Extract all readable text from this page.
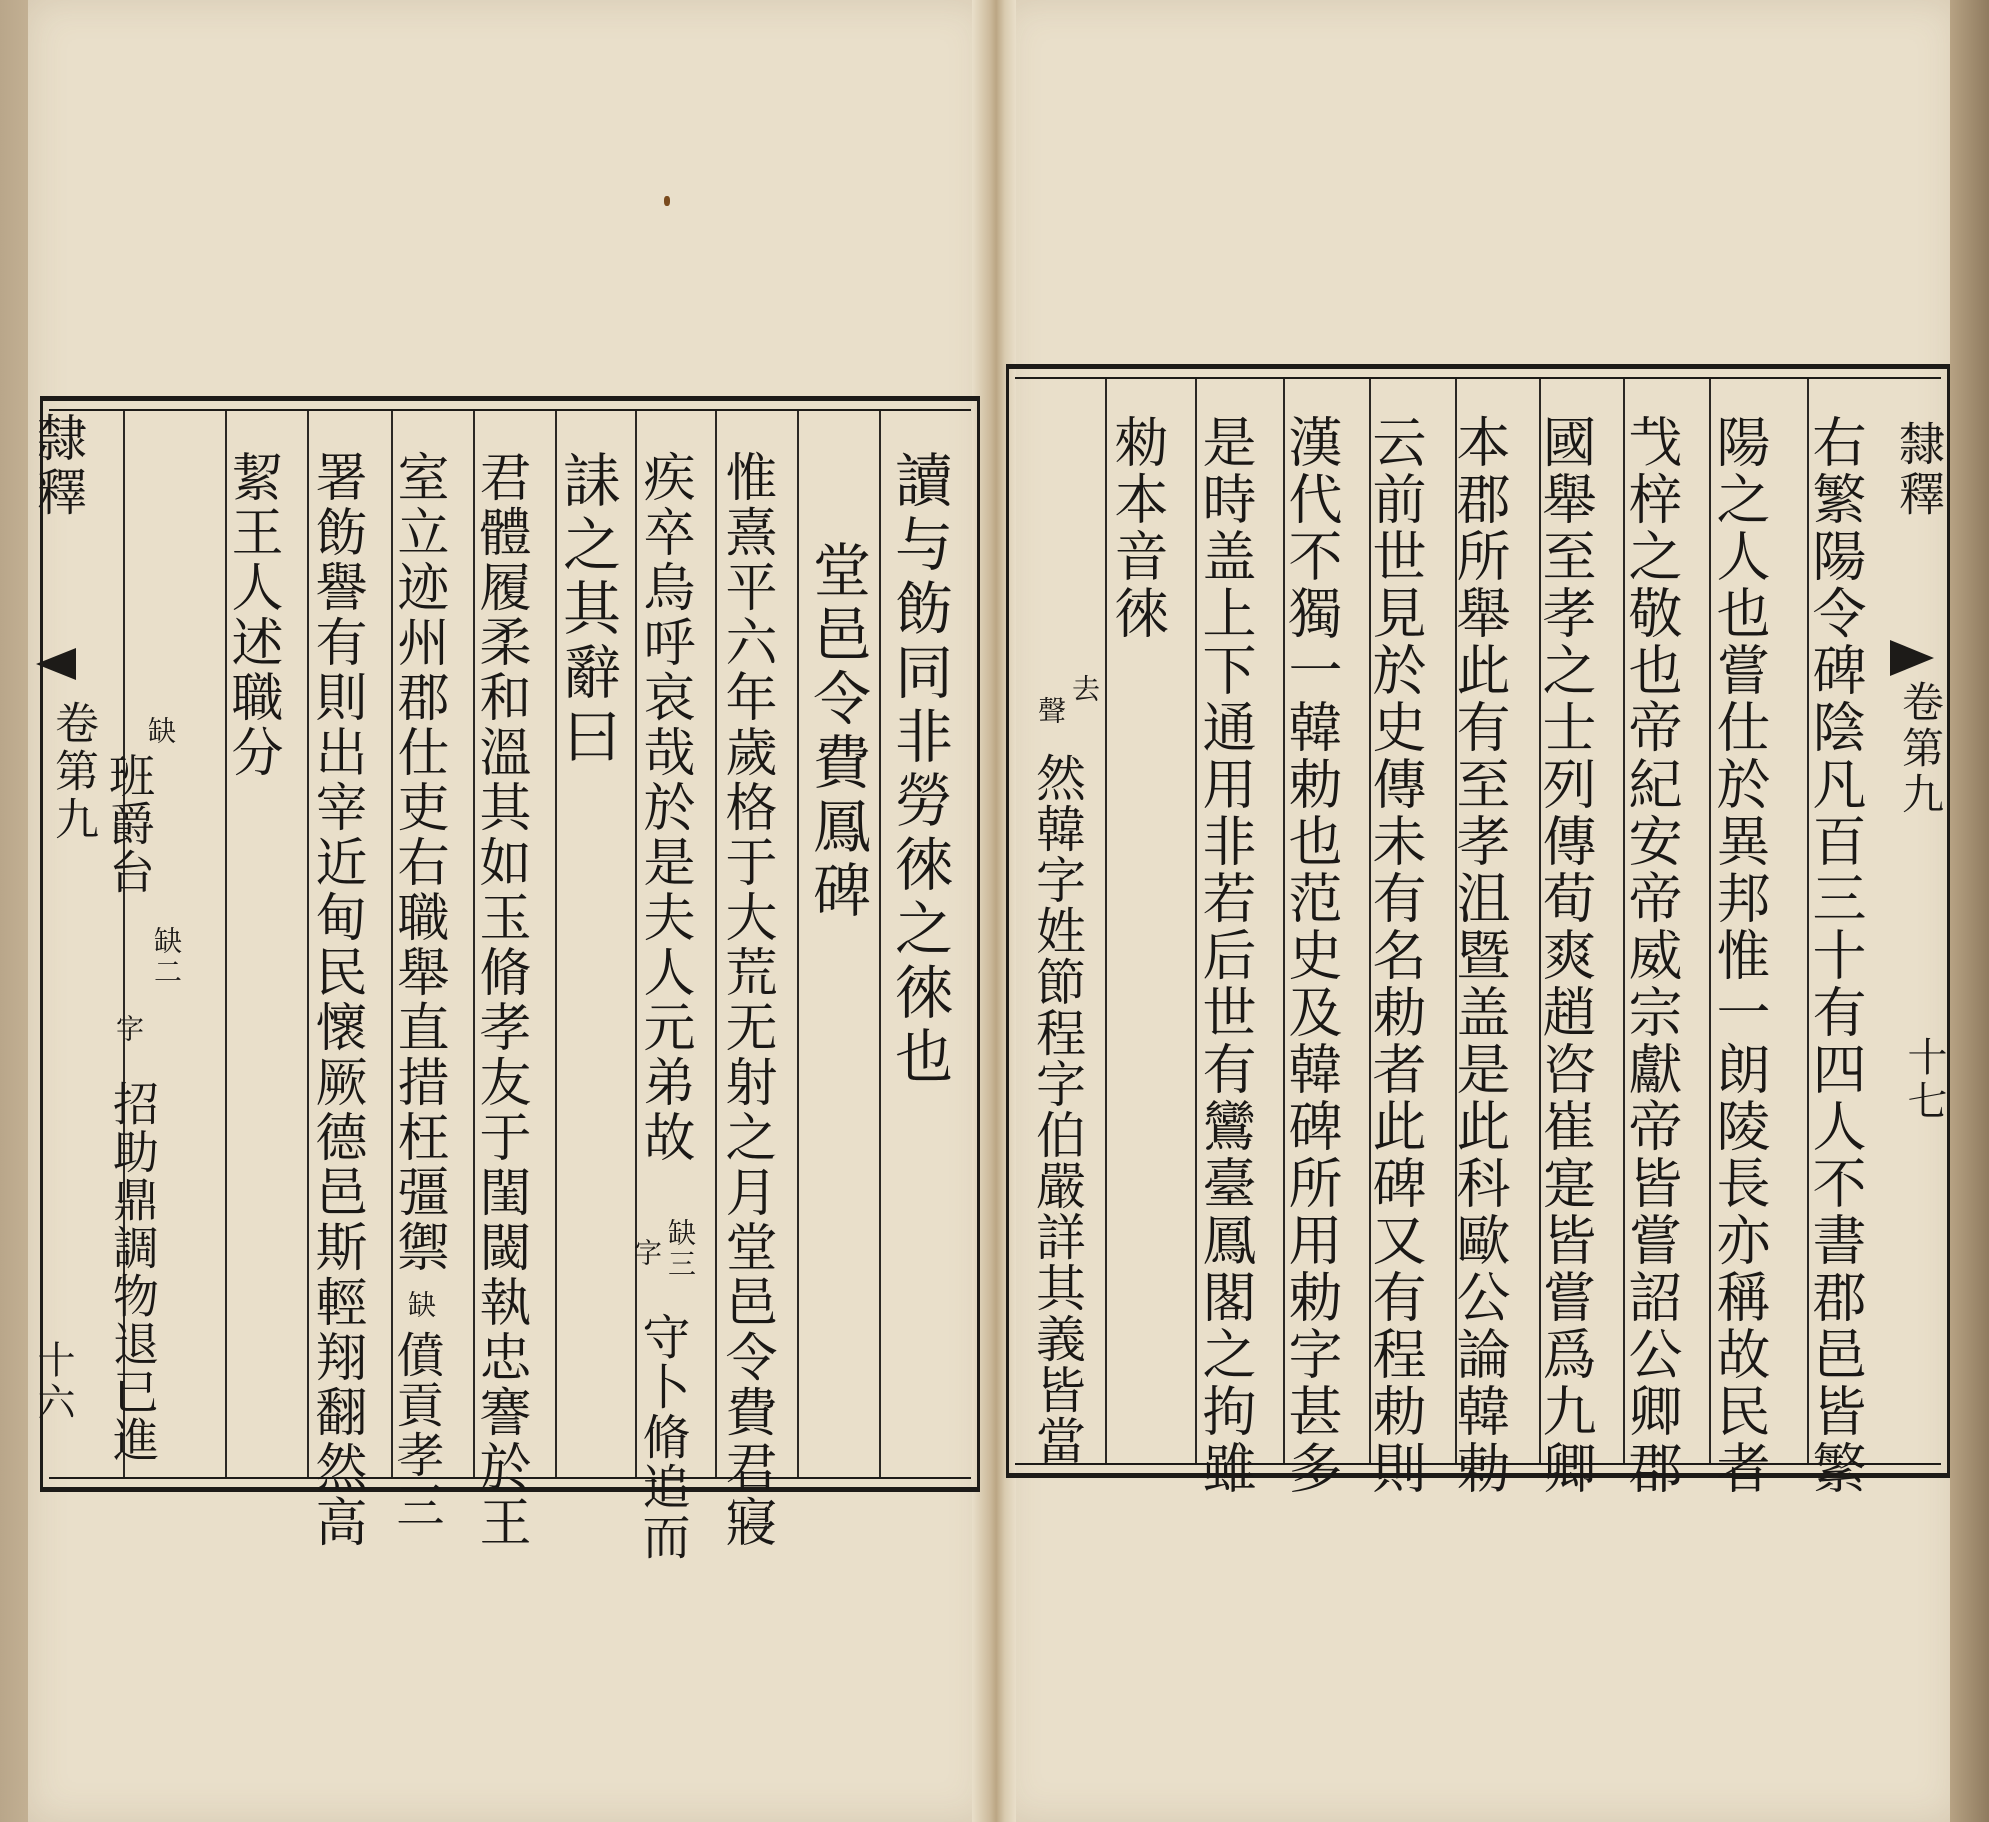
隸釋
卷第九
十六
讀与飭同非勞徠之徠也
堂邑令費鳳碑
惟熹平六年歲格于大荒无射之月堂邑令費君寢
疾卒烏呼哀哉於是夫人元弟故
缺三
字
守卜脩追而
誄之其辭曰
君體履柔和溫其如玉脩孝友于閨閾執忠謇於王
室立迹州郡仕吏右職舉直措枉彊禦
缺
僨貢孝三
署飭譽有則出宰近甸民懷厥德邑斯輕翔翻然高
絜王人述職分
缺
班爵台
缺二
字
招助鼎調物退已進
隸釋
卷第九
十七
右繁陽令碑陰凡百三十有四人不書郡邑皆繁
陽之人也嘗仕於異邦惟一朗陵長亦稱故民者
𢦏梓之敬也帝紀安帝威宗獻帝皆嘗詔公卿郡
國舉至孝之士列傳荀爽趙咨崔寔皆嘗爲九卿
本郡所舉此有至孝沮暨盖是此科歐公論韓勅
云前世見於史傳未有名勅者此碑又有程勅則
漢代不獨一韓勅也范史及韓碑所用勅字甚多
是時盖上下通用非若后世有鸞臺鳳閣之拘雖
勑本音徠
去
聲
然韓字姓節程字伯嚴詳其義皆當
